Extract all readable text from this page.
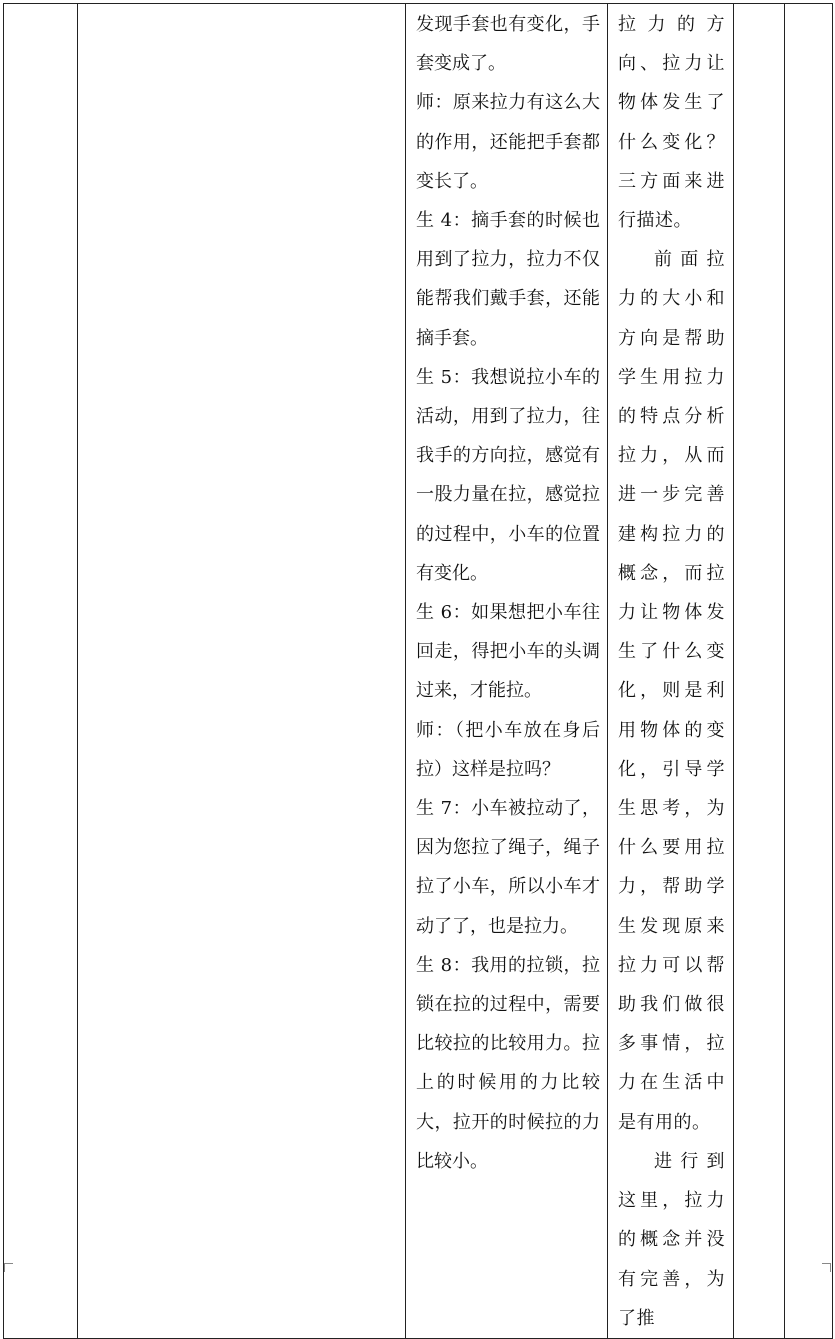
发现手套也有变化，手套变成了。
师：原来拉力有这么大的作用，还能把手套都变长了。
生 4：摘手套的时候也用到了拉力，拉力不仅能帮我们戴手套，还能摘手套。
生 5：我想说拉小车的活动，用到了拉力，往我手的方向拉，感觉有一股力量在拉，感觉拉的过程中，小车的位置有变化。
生 6：如果想把小车往回走，得把小车的头调过来，才能拉。
师：（把小车放在身后拉）这样是拉吗？
生 7：小车被拉动了，因为您拉了绳子，绳子拉了小车，所以小车才动了了，也是拉力。
生 8：我用的拉锁，拉锁在拉的过程中，需要比较拉的比较用力。拉上的时候用的力比较大，拉开的时候拉的力比较小。

拉力的方向、拉力让物体发生了什么变化？三方面来进行描述。
前面拉力的大小和方向是帮助学生用拉力的特点分析拉力，从而进一步完善建构拉力的概念，而拉力让物体发生了什么变化，则是利用物体的变化，引导学生思考，为什么要用拉力，帮助学生发现原来拉力可以帮助我们做很多事情，拉力在生活中是有用的。
进行到这里，拉力的概念并没有完善，为了推
